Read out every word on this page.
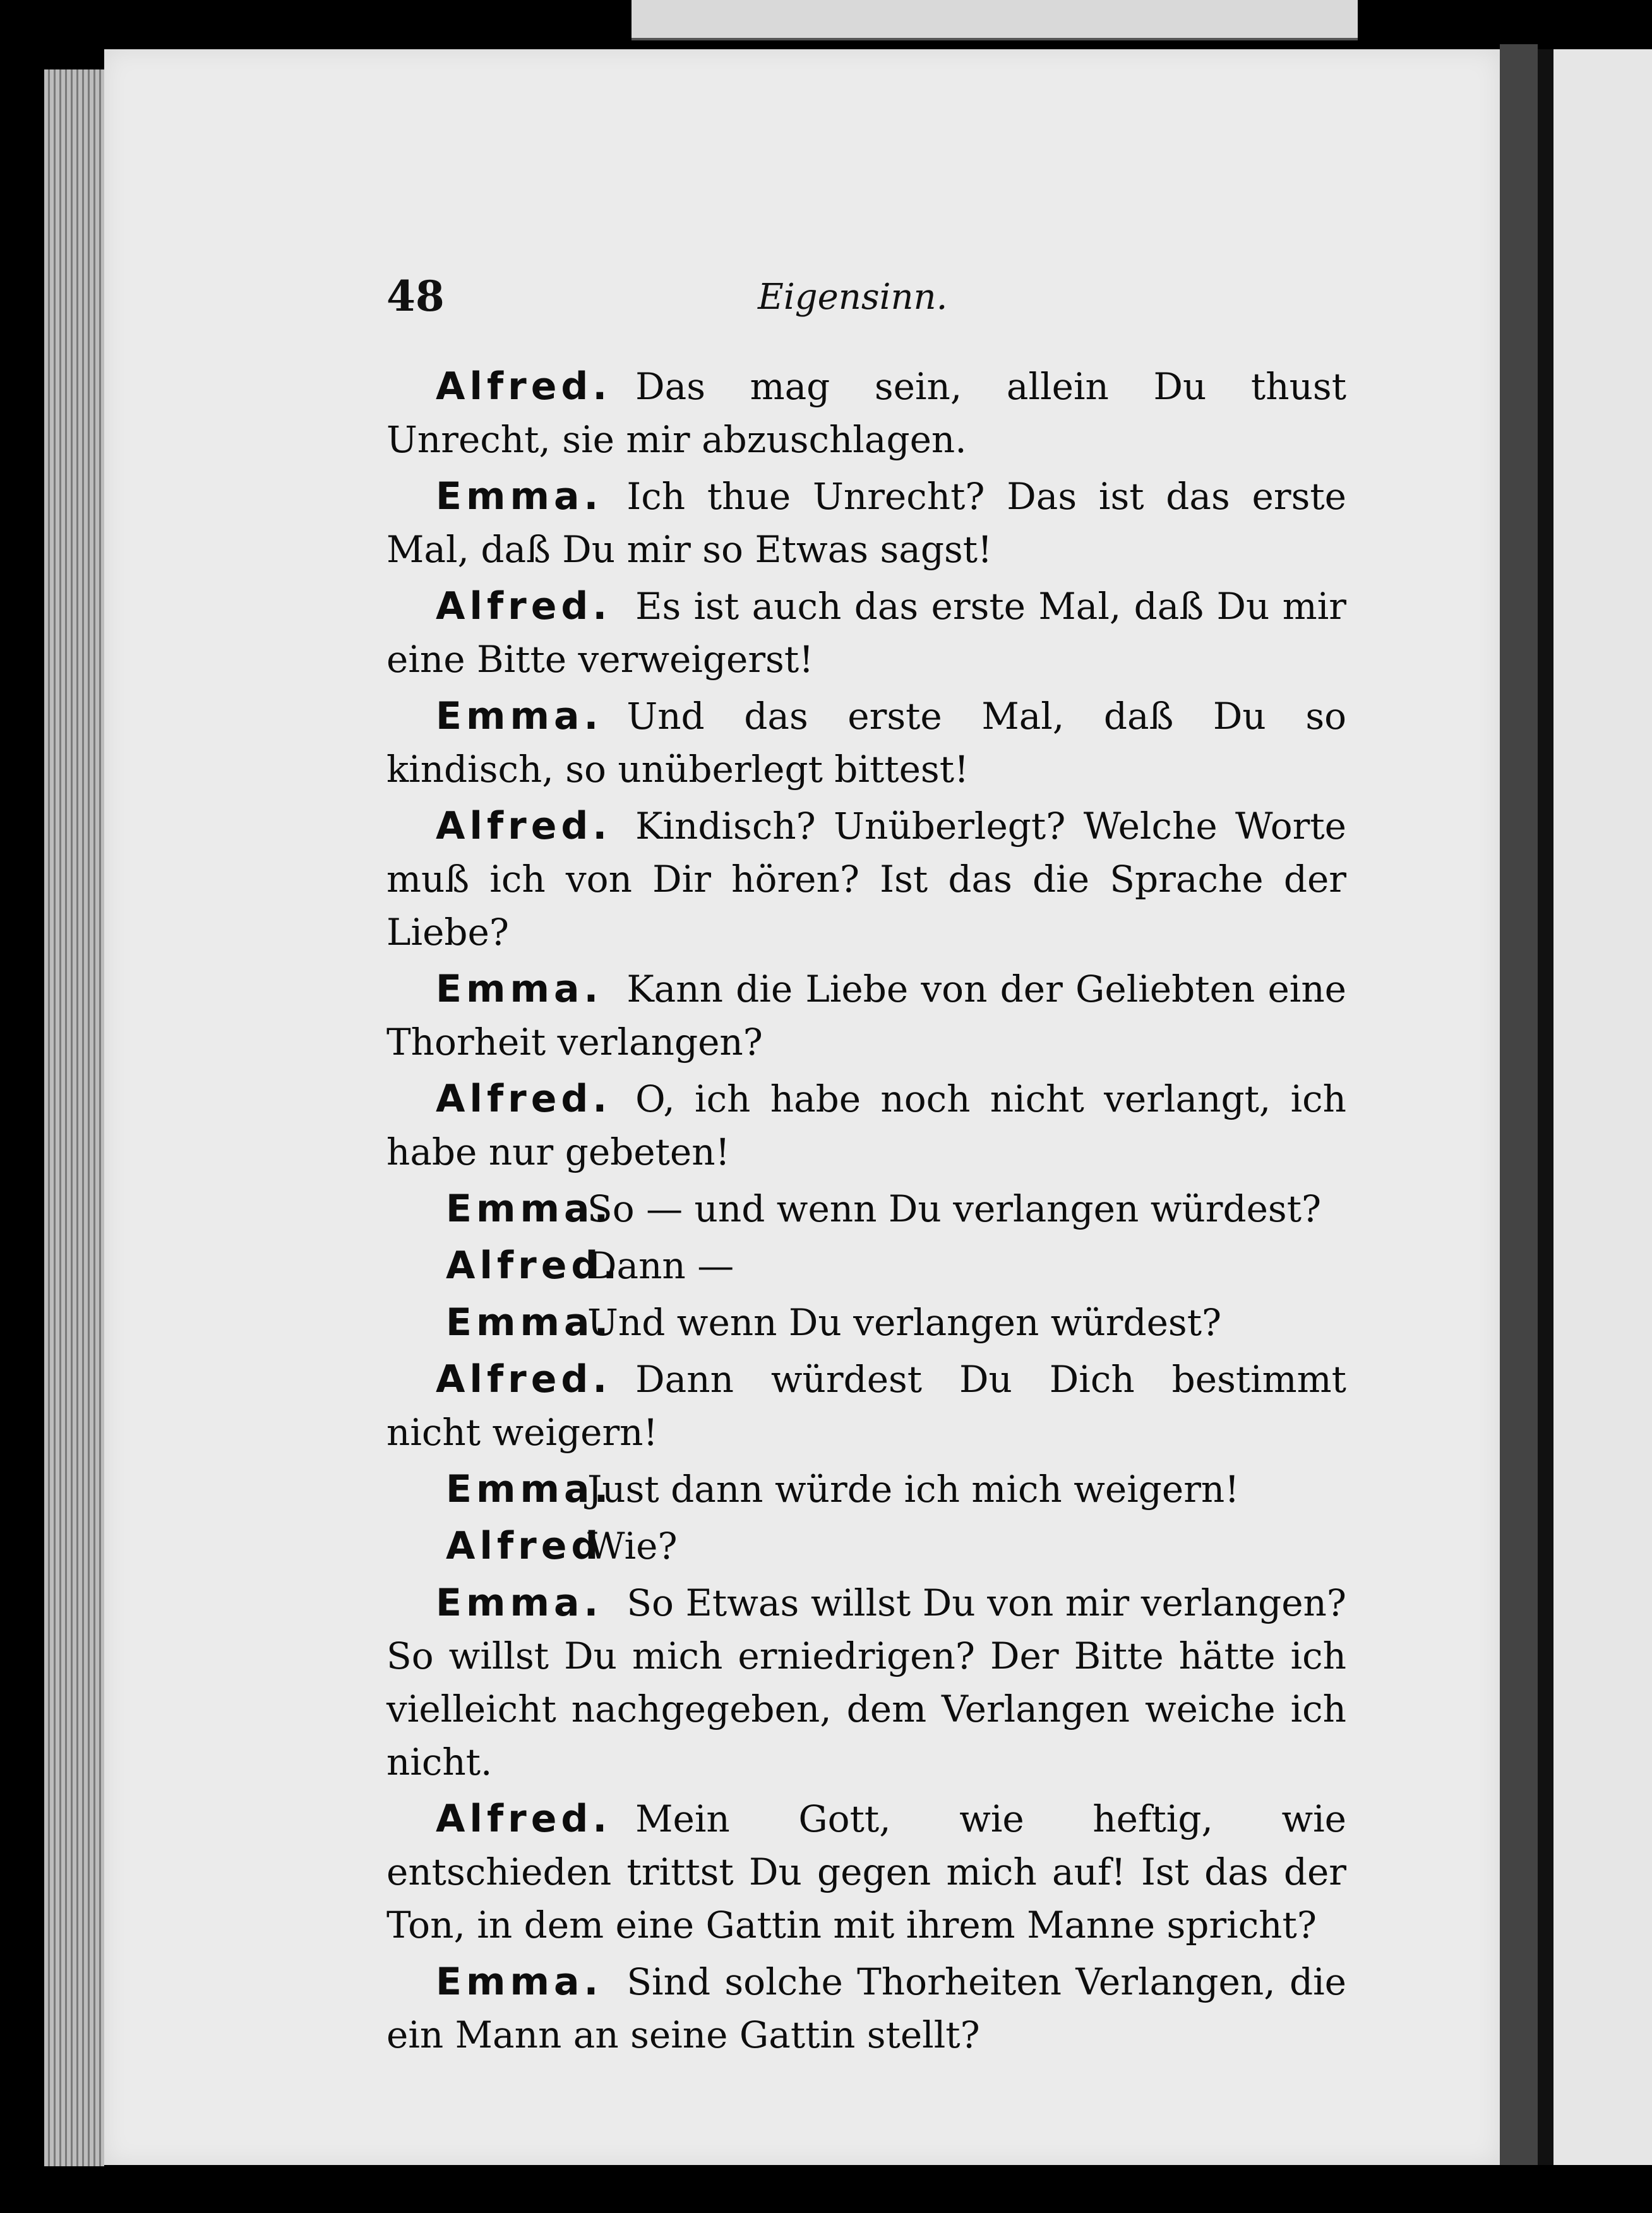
48	Eigensinn.

Alfred. Das mag sein, allein Du thust Unrecht, sie mir abzuschlagen.

Emma. Ich thue Unrecht? Das ist das erste Mal, daß Du mir so Etwas sagst!

Alfred. Es ist auch das erste Mal, daß Du mir eine Bitte verweigerst!

Emma. Und das erste Mal, daß Du so kindisch, so unüberlegt bittest!

Alfred. Kindisch? Unüberlegt? Welche Worte muß ich von Dir hören? Ist das die Sprache der Liebe?

Emma. Kann die Liebe von der Geliebten eine Thorheit verlangen?

Alfred. O, ich habe noch nicht verlangt, ich habe nur gebeten!

Emma.
So — und wenn Du verlangen würdest?
Alfred.
Dann —
Emma.
Und wenn Du verlangen würdest?

Alfred. Dann würdest Du Dich bestimmt nicht weigern!

Emma.
Just dann würde ich mich weigern!
Alfred
Wie?

Emma. So Etwas willst Du von mir verlangen? So willst Du mich erniedrigen? Der Bitte hätte ich vielleicht nachgegeben, dem Verlangen weiche ich nicht.

Alfred. Mein Gott, wie heftig, wie entschieden trittst Du gegen mich auf! Ist das der Ton, in dem eine Gattin mit ihrem Manne spricht?

Emma. Sind solche Thorheiten Verlangen, die ein Mann an seine Gattin stellt?
